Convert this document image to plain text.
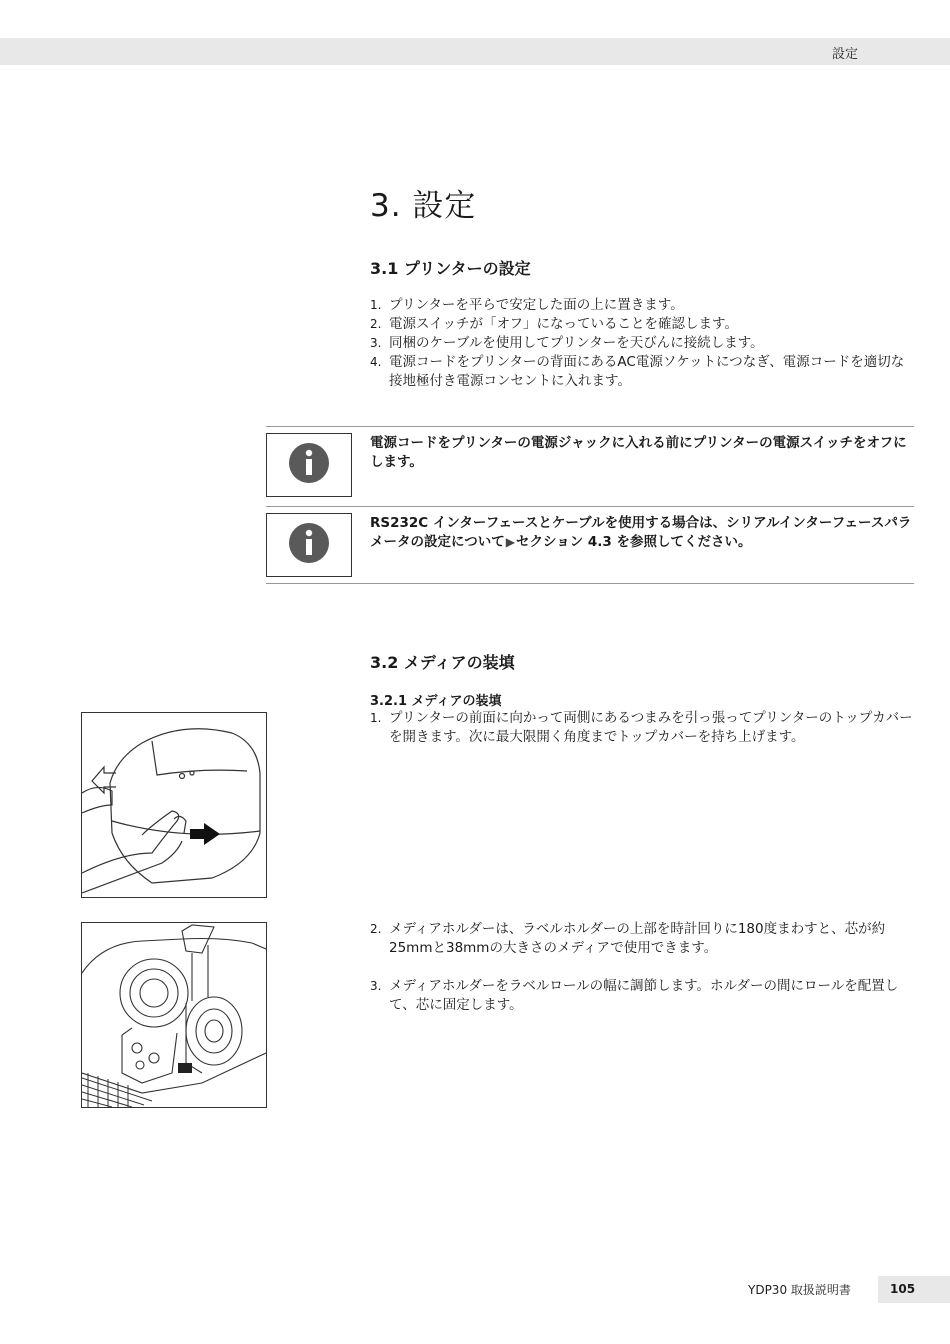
設定
3. 設定
3.1 プリンターの設定
1. プリンターを平らで安定した面の上に置きます。
2. 電源スイッチが「オフ」になっていることを確認します。
3. 同梱のケーブルを使用してプリンターを天びんに接続します。
4. 電源コードをプリンターの背面にあるAC電源ソケットにつなぎ、電源コードを適切な接地極付き電源コンセントに入れます。
電源コードをプリンターの電源ジャックに入れる前にプリンターの電源スイッチをオフにします。
RS232C インターフェースとケーブルを使用する場合は、シリアルインターフェースパラメータの設定について▶セクション 4.3 を参照してください。
3.2 メディアの装填
3.2.1 メディアの装填
1. プリンターの前面に向かって両側にあるつまみを引っ張ってプリンターのトップカバーを開きます。次に最大限開く角度までトップカバーを持ち上げます。
2. メディアホルダーは、ラベルホルダーの上部を時計回りに180度まわすと、芯が約25mmと38mmの大きさのメディアで使用できます。
3. メディアホルダーをラベルロールの幅に調節します。ホルダーの間にロールを配置して、芯に固定します。
YDP30 取扱説明書	105
